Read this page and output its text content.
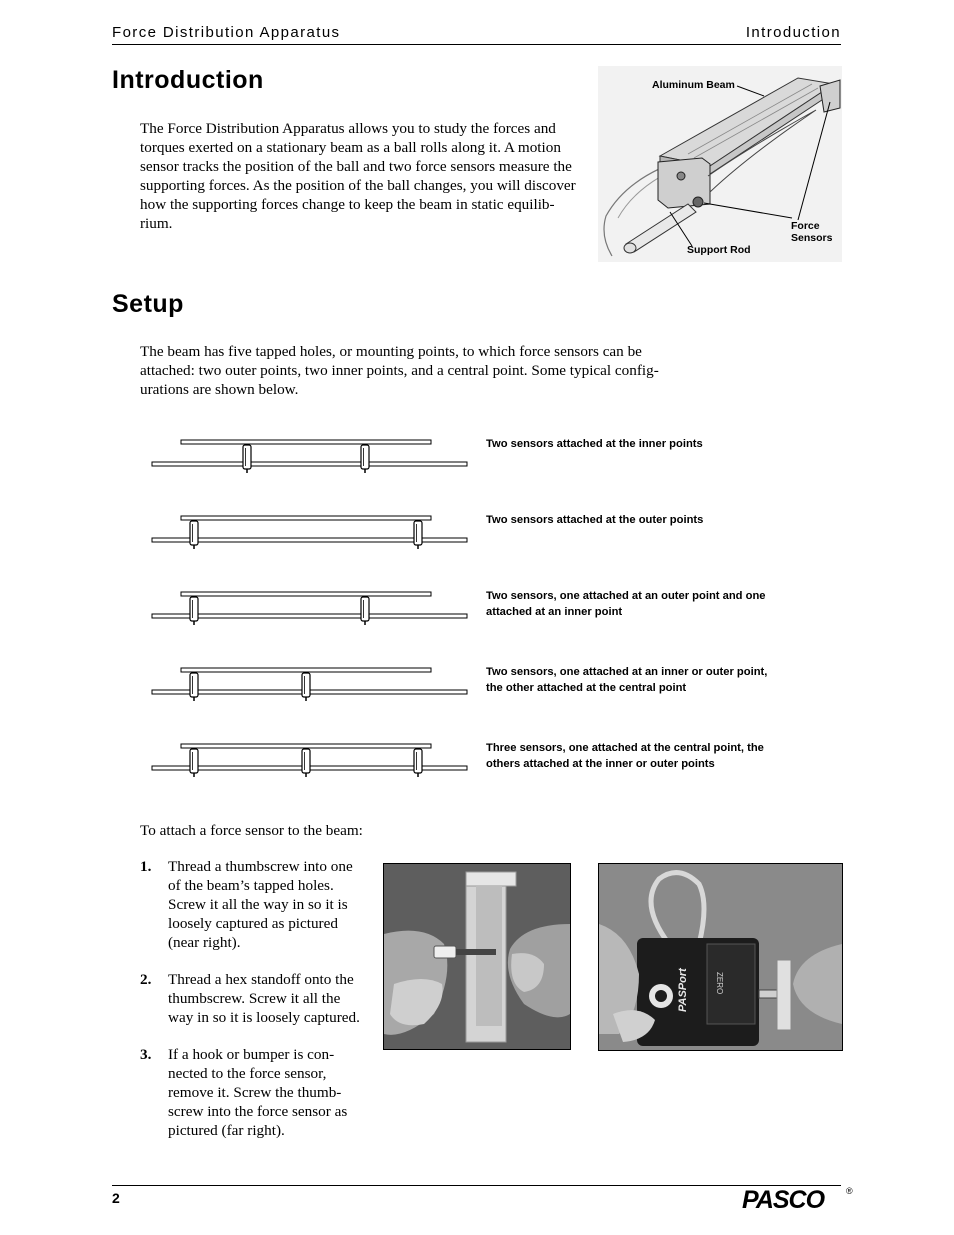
Force Distribution Apparatus	Introduction
Introduction
The Force Distribution Apparatus allows you to study the forces and
torques exerted on a stationary beam as a ball rolls along it. A motion
sensor tracks the position of the ball and two force sensors measure the
supporting forces. As the position of the ball changes, you will discover
how the supporting forces change to keep the beam in static equilib-
rium.
Aluminum Beam
Force
Sensors
Support Rod
Setup
The beam has five tapped holes, or mounting points, to which force sensors can be
attached: two outer points, two inner points, and a central point. Some typical config-
urations are shown below.
Two sensors attached at the inner points
Two sensors attached at the outer points
Two sensors, one attached at an outer point and one
attached at an inner point
Two sensors, one attached at an inner or outer point,
the other attached at the central point
Three sensors, one attached at the central point, the
others attached at the inner or outer points
To attach a force sensor to the beam:
1. Thread a thumbscrew into one
of the beam’s tapped holes.
Screw it all the way in so it is
loosely captured as pictured
(near right).
2. Thread a hex standoff onto the
thumbscrew. Screw it all the
way in so it is loosely captured.
3. If a hook or bumper is con-
nected to the force sensor,
remove it. Screw the thumb-
screw into the force sensor as
pictured (far right).
PASPort	ZERO
2	PASCO ®
